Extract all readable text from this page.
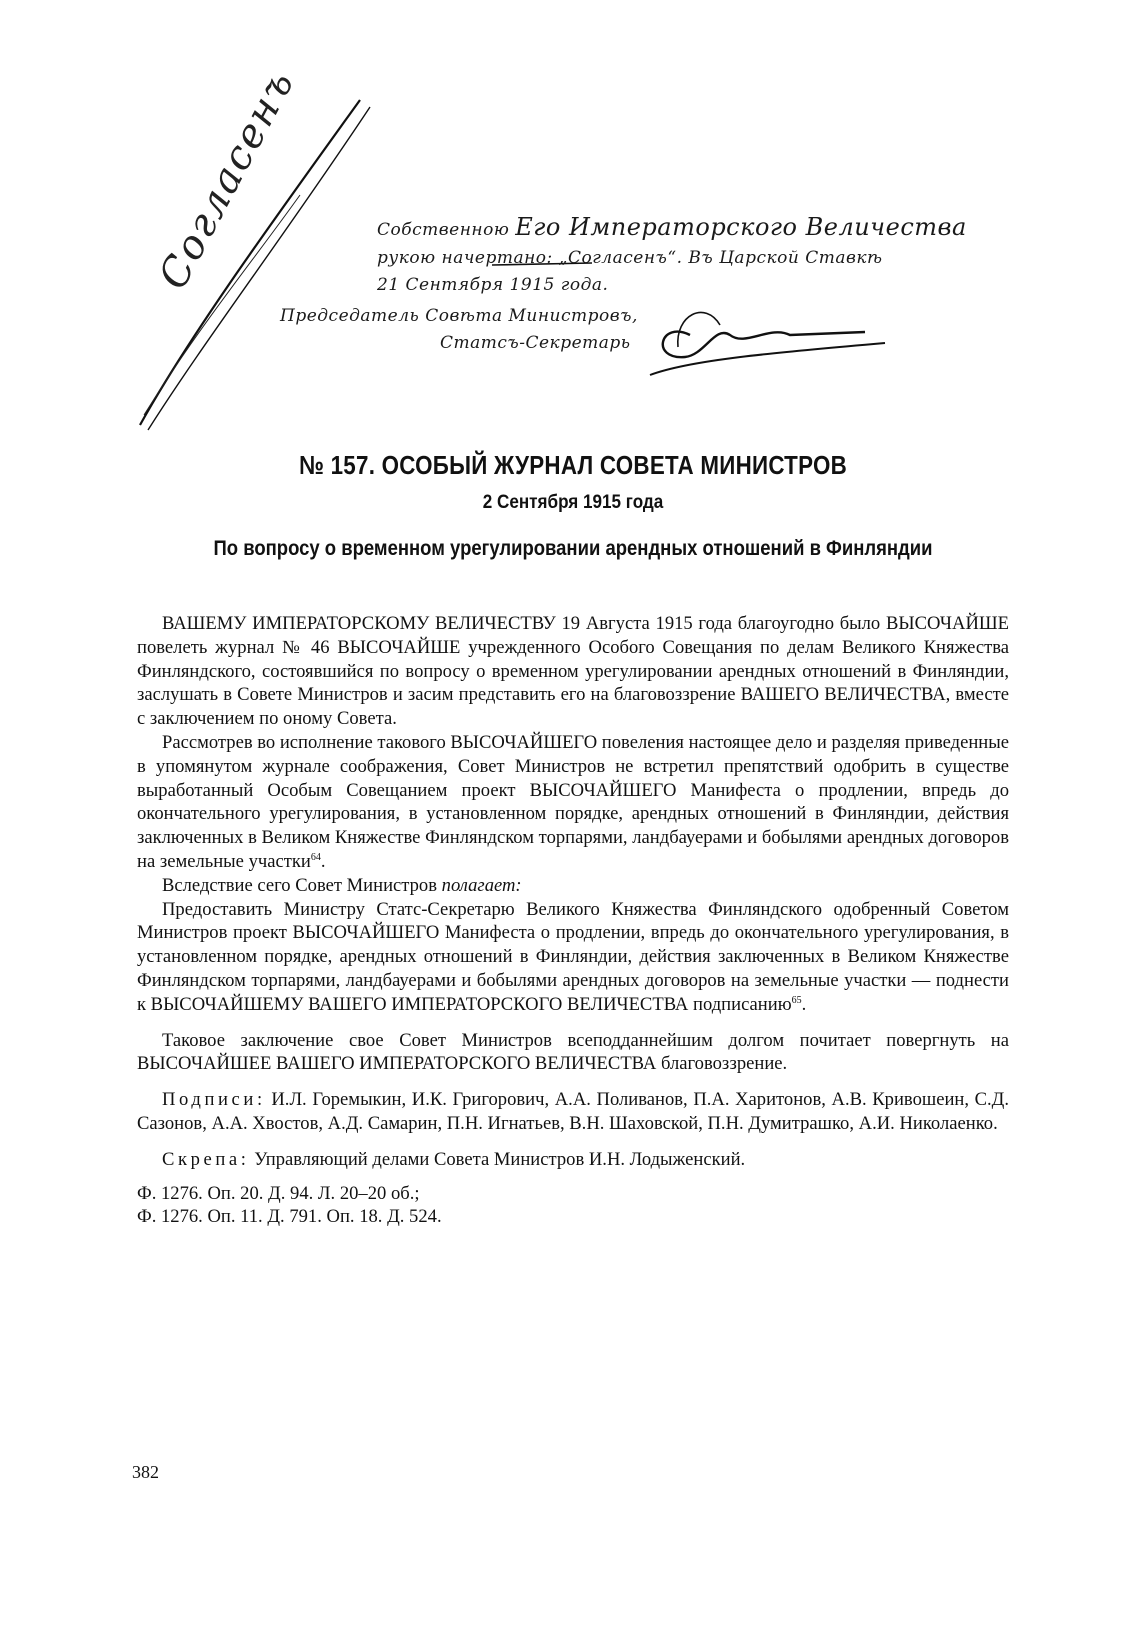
Согласенъ	Собственною Его Императорского Величества
рукою начертано: „Согласенъ“. Въ Царской Ставкѣ
21 Сентября 1915 года.
Председатель Совѣта Министровъ,
Статсъ-Секретарь
№ 157. ОСОБЫЙ ЖУРНАЛ СОВЕТА МИНИСТРОВ
2 Сентября 1915 года
По вопросу о временном урегулировании арендных отношений в Финляндии

ВАШЕМУ ИМПЕРАТОРСКОМУ ВЕЛИЧЕСТВУ 19 Августа 1915 года благоугодно было ВЫСОЧАЙШЕ повелеть журнал № 46 ВЫСОЧАЙШЕ учрежденного Особого Совещания по делам Великого Княжества Финляндского, состоявшийся по вопросу о временном урегулировании арендных отношений в Финляндии, заслушать в Совете Министров и засим представить его на благовоззрение ВАШЕГО ВЕЛИЧЕСТВА, вместе с заключением по оному Совета.

Рассмотрев во исполнение такового ВЫСОЧАЙШЕГО повеления настоящее дело и разделяя приведенные в упомянутом журнале соображения, Совет Министров не встретил препятствий одобрить в существе выработанный Особым Совещанием проект ВЫСОЧАЙШЕГО Манифеста о продлении, впредь до окончательного урегулирования, в установленном порядке, арендных отношений в Финляндии, действия заключенных в Великом Княжестве Финляндском торпарями, ландбауерами и бобылями арендных договоров на земельные участки$^{64}$.

Вследствие сего Совет Министров полагает:

Предоставить Министру Статс-Секретарю Великого Княжества Финляндского одобренный Советом Министров проект ВЫСОЧАЙШЕГО Манифеста о продлении, впредь до окончательного урегулирования, в установленном порядке, арендных отношений в Финляндии, действия заключенных в Великом Княжестве Финляндском торпарями, ландбауерами и бобылями арендных договоров на земельные участки — поднести к ВЫСОЧАЙШЕМУ ВАШЕГО ИМПЕРАТОРСКОГО ВЕЛИЧЕСТВА подписанию$^{65}$.

Таковое заключение свое Совет Министров всеподданнейшим долгом почитает повергнуть на ВЫСОЧАЙШЕЕ ВАШЕГО ИМПЕРАТОРСКОГО ВЕЛИЧЕСТВА благовоззрение.

Подписи: И.Л. Горемыкин, И.К. Григорович, А.А. Поливанов, П.А. Харитонов, А.В. Кривошеин, С.Д. Сазонов, А.А. Хвостов, А.Д. Самарин, П.Н. Игнатьев, В.Н. Шаховской, П.Н. Думитрашко, А.И. Николаенко.

Скрепа: Управляющий делами Совета Министров И.Н. Лодыженский.

Ф. 1276. Оп. 20. Д. 94. Л. 20–20 об.;

Ф. 1276. Оп. 11. Д. 791. Оп. 18. Д. 524.

382
